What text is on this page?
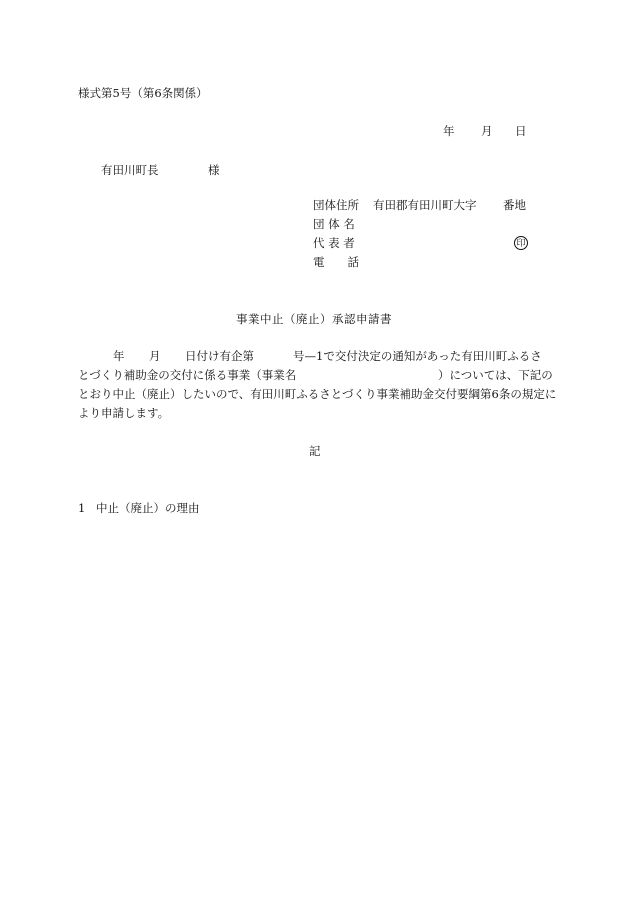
様式第5号（第6条関係）
年 月 日
有田川町長	様
団体住所 有田郡有田川町大字 番地
団 体 名
代 表 者	印
電　　話
事業中止（廃止）承認申請書
年 月 日付け有企第	号—1で交付決定の通知があった有田川町ふるさ
とづくり補助金の交付に係る事業（事業名	）については、下記の
とおり中止（廃止）したいので、有田川町ふるさとづくり事業補助金交付要綱第6条の規定に
より申請します。
記
1 中止（廃止）の理由
